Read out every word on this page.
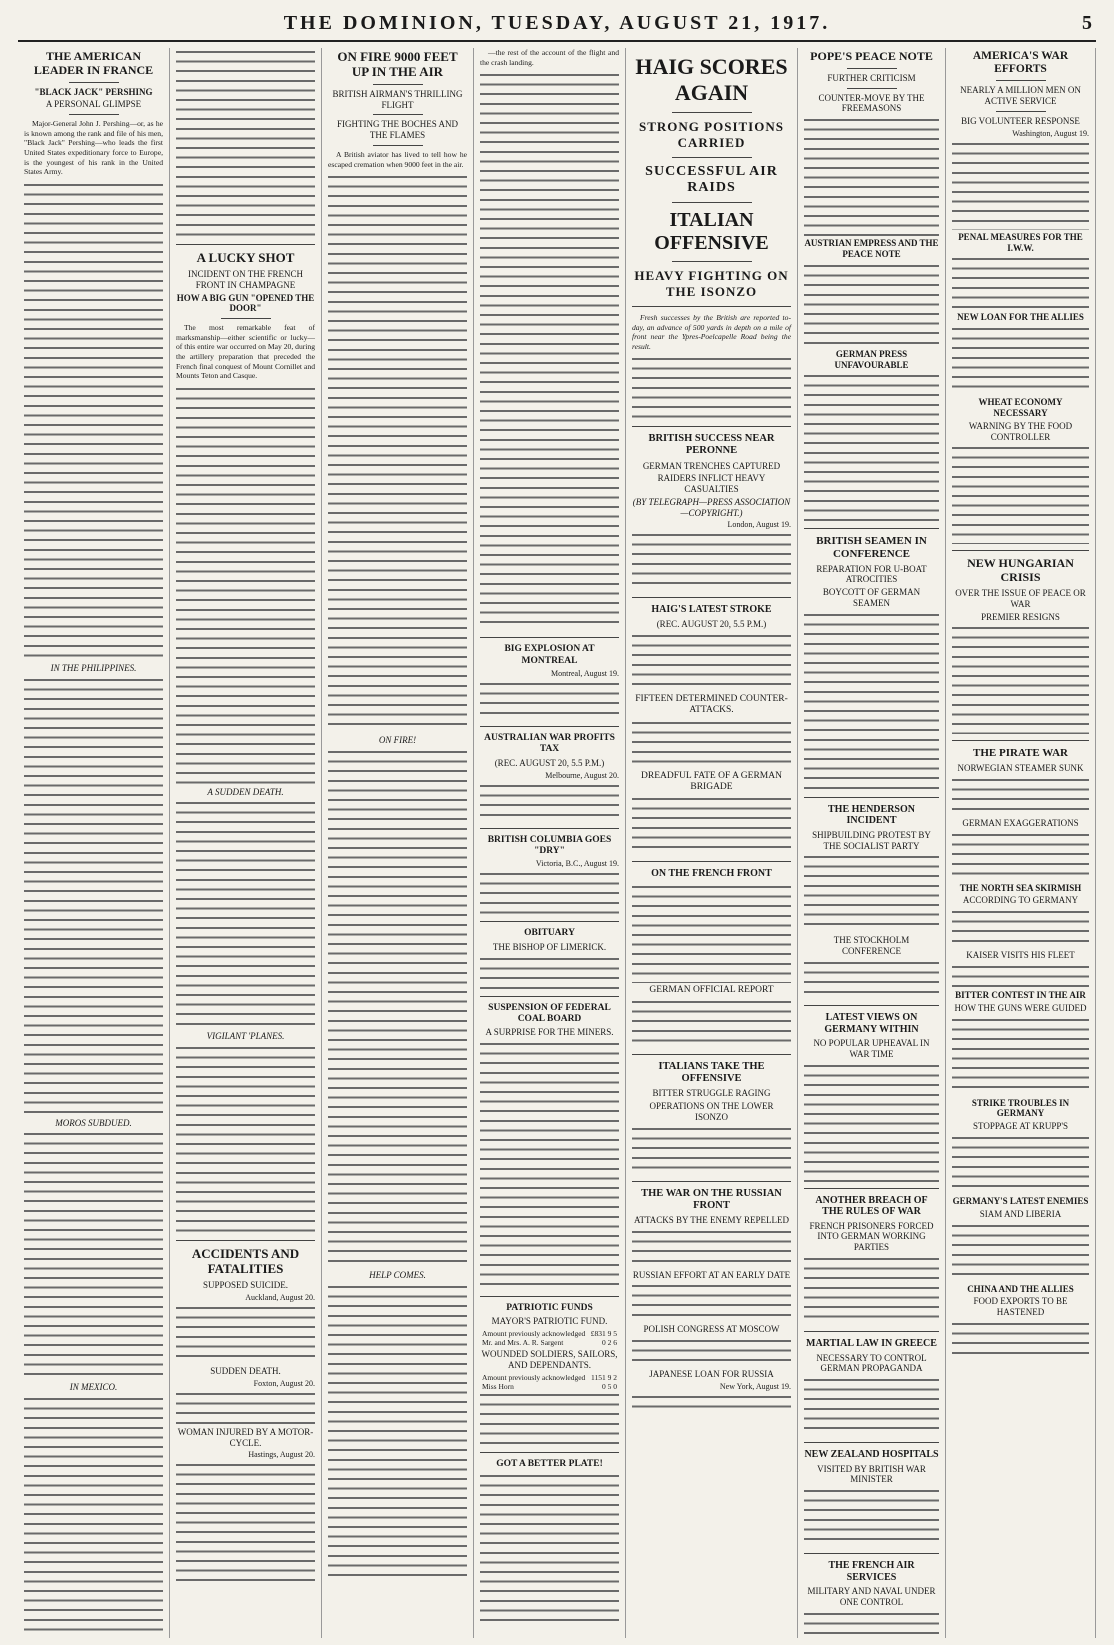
THE DOMINION, TUESDAY, AUGUST 21, 1917.	5
THE AMERICAN LEADER IN FRANCE
"BLACK JACK" PERSHING
A PERSONAL GLIMPSE

Major-General John J. Pershing—or, as he is known among the rank and file of his men, "Black Jack" Pershing—who leads the first United States expeditionary force to Europe, is the youngest of his rank in the United States Army.

IN THE PHILIPPINES.
MOROS SUBDUED.
IN MEXICO.
A LUCKY SHOT
INCIDENT ON THE FRENCH FRONT IN CHAMPAGNE
HOW A BIG GUN "OPENED THE DOOR"

The most remarkable feat of marksmanship—either scientific or lucky—of this entire war occurred on May 20, during the artillery preparation that preceded the French final conquest of Mount Cornillet and Mounts Teton and Casque.

A SUDDEN DEATH.
VIGILANT 'PLANES.
ACCIDENTS AND FATALITIES
SUPPOSED SUICIDE.
Auckland, August 20.
SUDDEN DEATH.
Foxton, August 20.
WOMAN INJURED BY A MOTOR-CYCLE.
Hastings, August 20.
ON FIRE 9000 FEET UP IN THE AIR
BRITISH AIRMAN'S THRILLING FLIGHT
FIGHTING THE BOCHES AND THE FLAMES

A British aviator has lived to tell how he escaped cremation when 9000 feet in the air.

ON FIRE!
HELP COMES.

—the rest of the account of the flight and the crash landing.

BIG EXPLOSION AT MONTREAL
Montreal, August 19.
AUSTRALIAN WAR PROFITS TAX
(REC. AUGUST 20, 5.5 P.M.)
Melbourne, August 20.
BRITISH COLUMBIA GOES "DRY"
Victoria, B.C., August 19.
OBITUARY
THE BISHOP OF LIMERICK.
SUSPENSION OF FEDERAL COAL BOARD
A SURPRISE FOR THE MINERS.
PATRIOTIC FUNDS
MAYOR'S PATRIOTIC FUND.
Amount previously acknowledged	£831 9 5
Mr. and Mrs. A. R. Sargent	0 2 6
WOUNDED SOLDIERS, SAILORS, AND DEPENDANTS.
Amount previously acknowledged	1151 9 2
Miss Horn	0 5 0
GOT A BETTER PLATE!
HAIG SCORES AGAIN
STRONG POSITIONS CARRIED
SUCCESSFUL AIR RAIDS
ITALIAN OFFENSIVE
HEAVY FIGHTING ON THE ISONZO

Fresh successes by the British are reported to-day, an advance of 500 yards in depth on a mile of front near the Ypres-Poelcapelle Road being the result.

BRITISH SUCCESS NEAR PERONNE
GERMAN TRENCHES CAPTURED
RAIDERS INFLICT HEAVY CASUALTIES
(BY TELEGRAPH—PRESS ASSOCIATION—COPYRIGHT.)
London, August 19.
HAIG'S LATEST STROKE
(REC. AUGUST 20, 5.5 P.M.)
FIFTEEN DETERMINED COUNTER-ATTACKS.
DREADFUL FATE OF A GERMAN BRIGADE
ON THE FRENCH FRONT
GERMAN OFFICIAL REPORT
ITALIANS TAKE THE OFFENSIVE
BITTER STRUGGLE RAGING
OPERATIONS ON THE LOWER ISONZO
THE WAR ON THE RUSSIAN FRONT
ATTACKS BY THE ENEMY REPELLED
RUSSIAN EFFORT AT AN EARLY DATE
POLISH CONGRESS AT MOSCOW
JAPANESE LOAN FOR RUSSIA
New York, August 19.
POPE'S PEACE NOTE
FURTHER CRITICISM
COUNTER-MOVE BY THE FREEMASONS
AUSTRIAN EMPRESS AND THE PEACE NOTE
GERMAN PRESS UNFAVOURABLE
BRITISH SEAMEN IN CONFERENCE
REPARATION FOR U-BOAT ATROCITIES
BOYCOTT OF GERMAN SEAMEN
THE HENDERSON INCIDENT
SHIPBUILDING PROTEST BY THE SOCIALIST PARTY
THE STOCKHOLM CONFERENCE
LATEST VIEWS ON GERMANY WITHIN
NO POPULAR UPHEAVAL IN WAR TIME
ANOTHER BREACH OF THE RULES OF WAR
FRENCH PRISONERS FORCED INTO GERMAN WORKING PARTIES
MARTIAL LAW IN GREECE
NECESSARY TO CONTROL GERMAN PROPAGANDA
NEW ZEALAND HOSPITALS
VISITED BY BRITISH WAR MINISTER
THE FRENCH AIR SERVICES
MILITARY AND NAVAL UNDER ONE CONTROL
AMERICA'S WAR EFFORTS
NEARLY A MILLION MEN ON ACTIVE SERVICE
BIG VOLUNTEER RESPONSE
Washington, August 19.
PENAL MEASURES FOR THE I.W.W.
NEW LOAN FOR THE ALLIES
WHEAT ECONOMY NECESSARY
WARNING BY THE FOOD CONTROLLER
NEW HUNGARIAN CRISIS
OVER THE ISSUE OF PEACE OR WAR
PREMIER RESIGNS
THE PIRATE WAR
NORWEGIAN STEAMER SUNK
GERMAN EXAGGERATIONS
THE NORTH SEA SKIRMISH
ACCORDING TO GERMANY
KAISER VISITS HIS FLEET
BITTER CONTEST IN THE AIR
HOW THE GUNS WERE GUIDED
STRIKE TROUBLES IN GERMANY
STOPPAGE AT KRUPP'S
GERMANY'S LATEST ENEMIES
SIAM AND LIBERIA
CHINA AND THE ALLIES
FOOD EXPORTS TO BE HASTENED
